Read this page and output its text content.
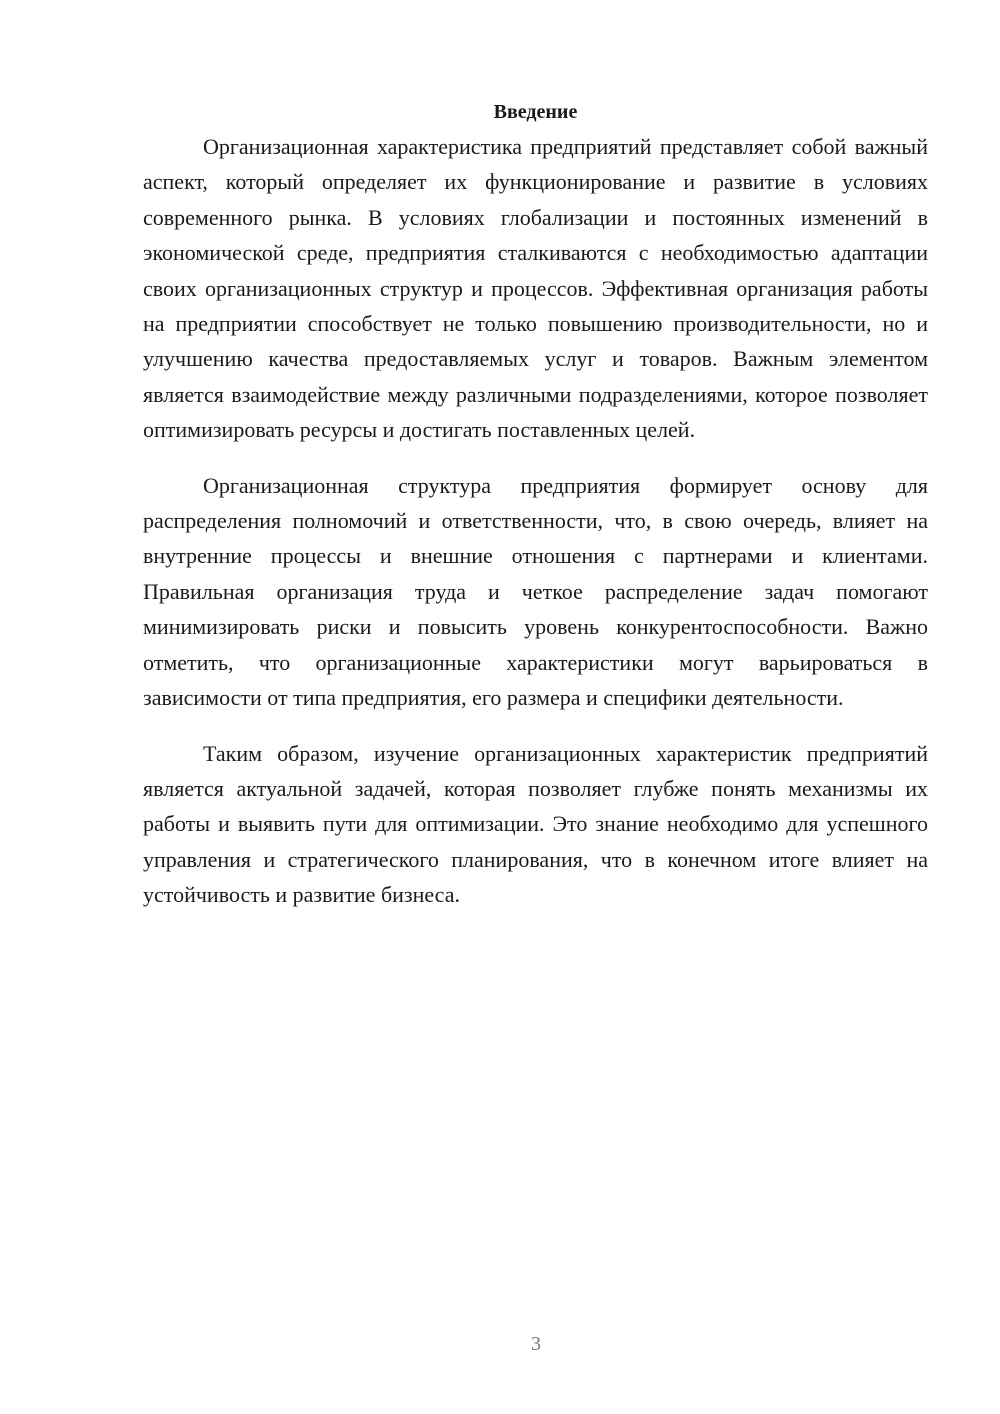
Введение

Организационная характеристика предприятий представляет собой важный аспект, который определяет их функционирование и развитие в условиях современного рынка. В условиях глобализации и постоянных изменений в экономической среде, предприятия сталкиваются с необходимостью адаптации своих организационных структур и процессов. Эффективная организация работы на предприятии способствует не только повышению производительности, но и улучшению качества предоставляемых услуг и товаров. Важным элементом является взаимодействие между различными подразделениями, которое позволяет оптимизировать ресурсы и достигать поставленных целей.

Организационная структура предприятия формирует основу для распределения полномочий и ответственности, что, в свою очередь, влияет на внутренние процессы и внешние отношения с партнерами и клиентами. Правильная организация труда и четкое распределение задач помогают минимизировать риски и повысить уровень конкурентоспособности. Важно отметить, что организационные характеристики могут варьироваться в зависимости от типа предприятия, его размера и специфики деятельности.

Таким образом, изучение организационных характеристик предприятий является актуальной задачей, которая позволяет глубже понять механизмы их работы и выявить пути для оптимизации. Это знание необходимо для успешного управления и стратегического планирования, что в конечном итоге влияет на устойчивость и развитие бизнеса.

3
